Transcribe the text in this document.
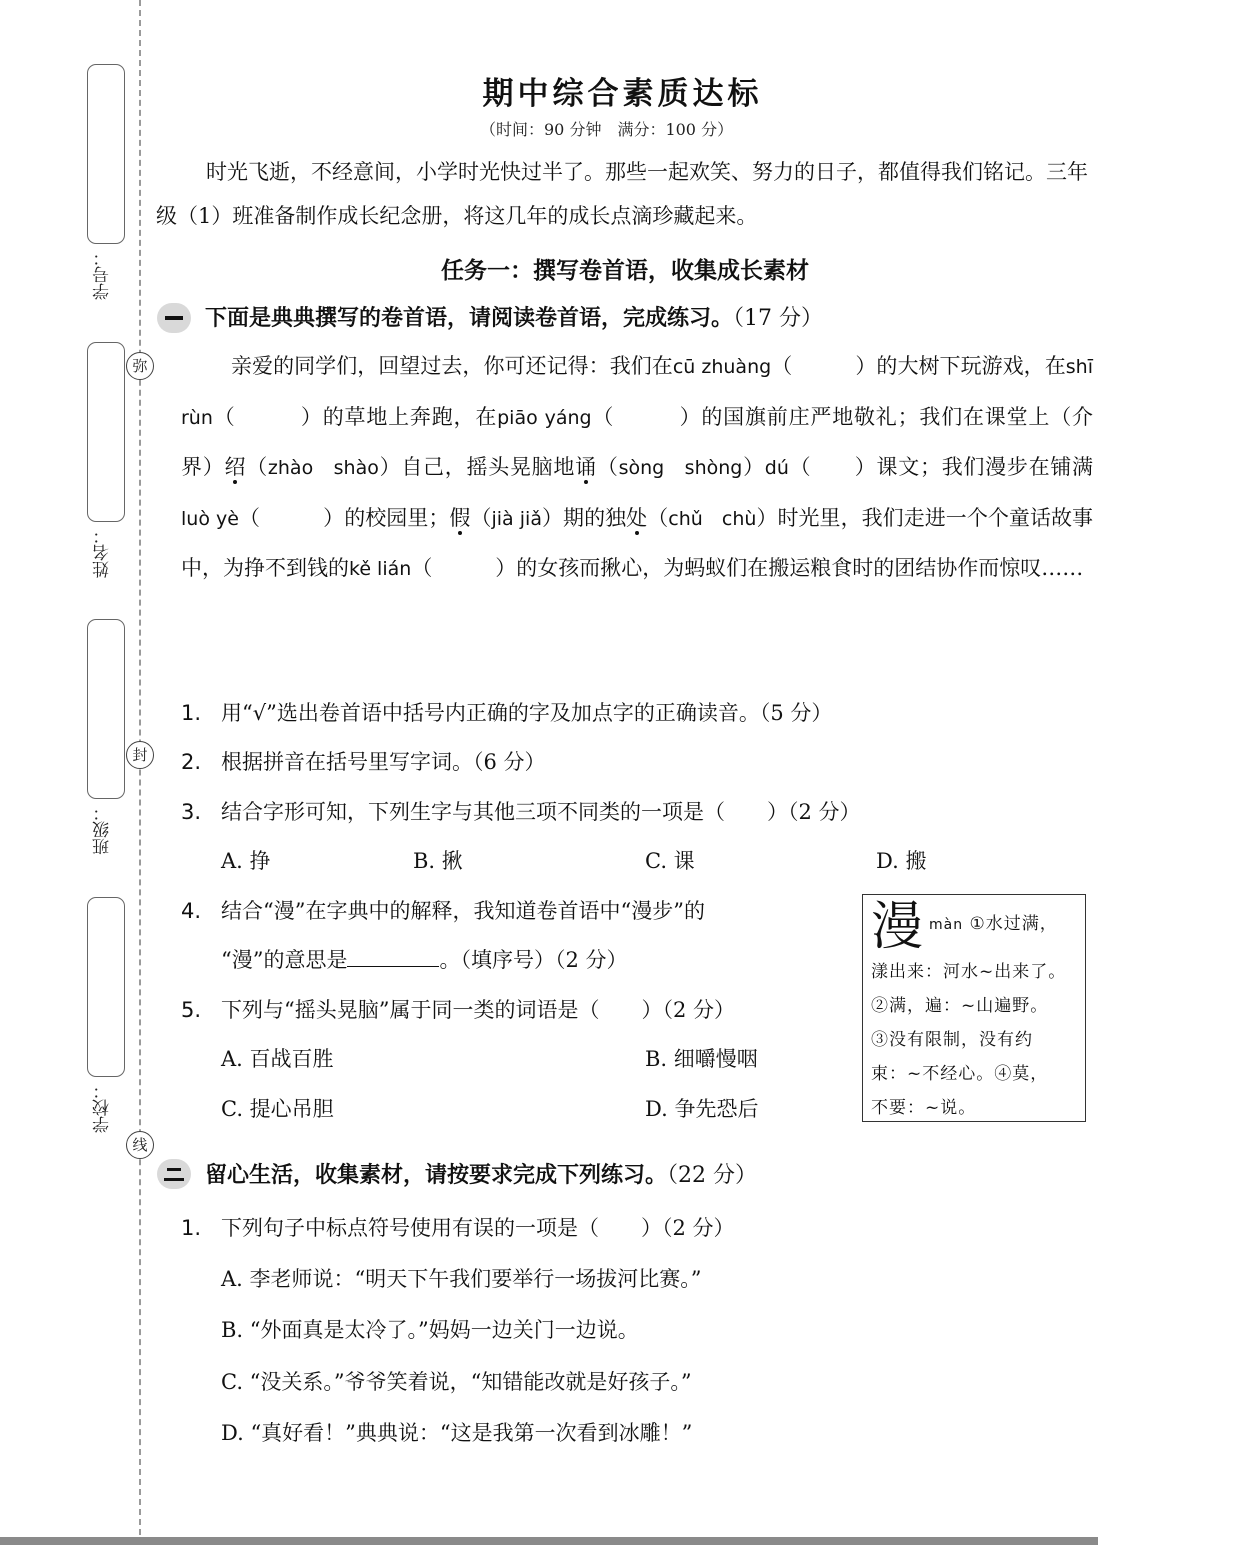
学号：
姓名：
班级：
学校：
弥
封
线
期中综合素质达标
（时间：90 分钟　满分：100 分）
时光飞逝，不经意间，小学时光快过半了。那些一起欢笑、努力的日子，都值得我们铭记。三年级（1）班准备制作成长纪念册，将这几年的成长点滴珍藏起来。
任务一：撰写卷首语，收集成长素材
下面是典典撰写的卷首语，请阅读卷首语，完成练习。（17 分）

亲爱的同学们，回望过去，你可还记得：我们在cū zhuàng（　　　）的大树下玩游戏，在shī rùn（　　　）的草地上奔跑，在piāo yáng（　　　）的国旗前庄严地敬礼；我们在课堂上（介　界）绍（zhào　shào）自己，摇头晃脑地诵（sòng　shòng）dú（　　）课文；我们漫步在铺满luò yè（　　　）的校园里；假（jià jiǎ）期的独处（chǔ　chù）时光里，我们走进一个个童话故事中，为挣不到钱的kě lián（　　　）的女孩而揪心，为蚂蚁们在搬运粮食时的团结协作而惊叹……

1. 用“√”选出卷首语中括号内正确的字及加点字的正确读音。（5 分）
2. 根据拼音在括号里写字词。（6 分）
3. 结合字形可知，下列生字与其他三项不同类的一项是（　　）（2 分）
A. 挣	B. 揪	C. 课	D. 搬
4. 结合“漫”在字典中的解释，我知道卷首语中“漫步”的
“漫”的意思是	。（填序号）（2 分）
5. 下列与“摇头晃脑”属于同一类的词语是（　　）（2 分）
A. 百战百胜	B. 细嚼慢咽
C. 提心吊胆	D. 争先恐后
漫 màn ①水过满，
漾出来：河水~出来了。
②满，遍：~山遍野。
③没有限制，没有约
束：~不经心。④莫，
不要：~说。
留心生活，收集素材，请按要求完成下列练习。（22 分）
1. 下列句子中标点符号使用有误的一项是（　　）（2 分）
A. 李老师说：“明天下午我们要举行一场拔河比赛。”
B. “外面真是太冷了。”妈妈一边关门一边说。
C. “没关系。”爷爷笑着说，“知错能改就是好孩子。”
D. “真好看！”典典说：“这是我第一次看到冰雕！”
